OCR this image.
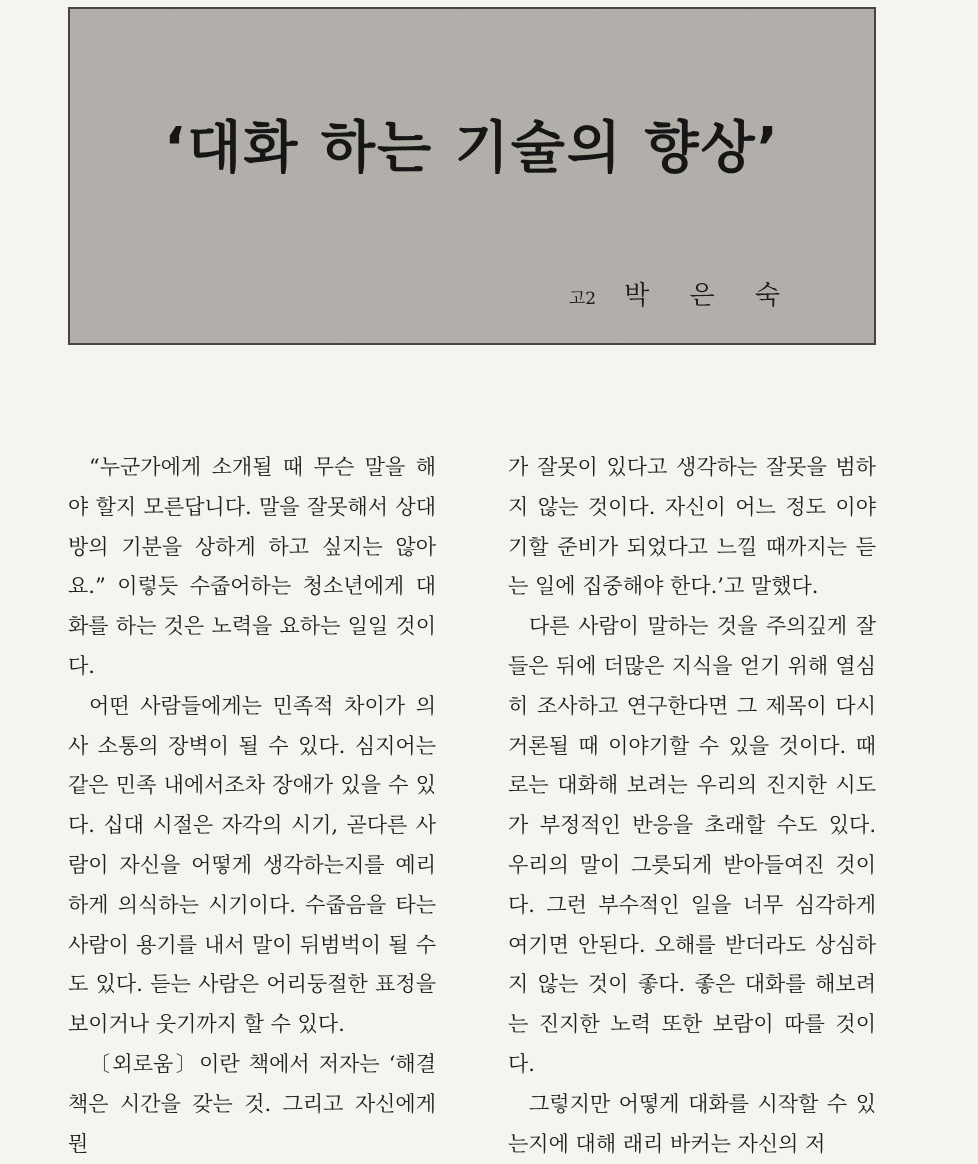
‘대화 하는 기술의 향상’
고2 박 은 숙

“누군가에게 소개될 때 무슨 말을 해야 할지 모른답니다. 말을 잘못해서 상대방의 기분을 상하게 하고 싶지는 않아요.” 이렇듯 수줍어하는 청소년에게 대화를 하는 것은 노력을 요하는 일일 것이다.

어떤 사람들에게는 민족적 차이가 의사 소통의 장벽이 될 수 있다. 심지어는 같은 민족 내에서조차 장애가 있을 수 있다. 십대 시절은 자각의 시기, 곧다른 사람이 자신을 어떻게 생각하는지를 예리하게 의식하는 시기이다. 수줍음을 타는 사람이 용기를 내서 말이 뒤범벅이 될 수도 있다. 듣는 사람은 어리둥절한 표정을 보이거나 웃기까지 할 수 있다.

〔외로움〕이란 책에서 저자는 ‘해결책은 시간을 갖는 것. 그리고 자신에게 뭔

가 잘못이 있다고 생각하는 잘못을 범하지 않는 것이다. 자신이 어느 정도 이야기할 준비가 되었다고 느낄 때까지는 듣는 일에 집중해야 한다.’고 말했다.

다른 사람이 말하는 것을 주의깊게 잘 들은 뒤에 더많은 지식을 얻기 위해 열심히 조사하고 연구한다면 그 제목이 다시 거론될 때 이야기할 수 있을 것이다. 때로는 대화해 보려는 우리의 진지한 시도가 부정적인 반응을 초래할 수도 있다. 우리의 말이 그릇되게 받아들여진 것이다. 그런 부수적인 일을 너무 심각하게 여기면 안된다. 오해를 받더라도 상심하지 않는 것이 좋다. 좋은 대화를 해보려는 진지한 노력 또한 보람이 따를 것이다.

그렇지만 어떻게 대화를 시작할 수 있는지에 대해 래리 바커는 자신의 저
